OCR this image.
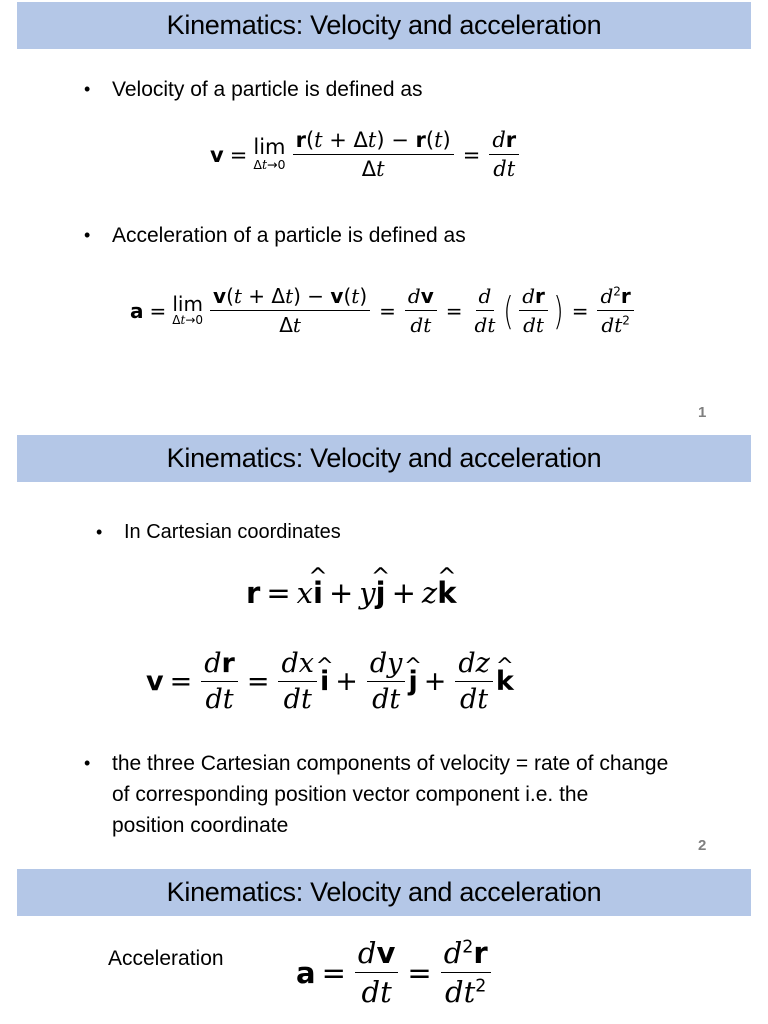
Kinematics: Velocity and acceleration
• Velocity of a particle is defined as
v = lim
$\Delta t\to 0 \frac{r(t + \Delta t) - r(t)}{\Delta t} = \frac{dr}{dt}$
• Acceleration of a particle is defined as
a = lim
$\Delta t\to 0 \frac{v(t + \Delta t) - v(t)}{\Delta t} = \frac{dv}{dt} = \frac{d}{dt}$ ( $\frac{dr}{dt}$ ) = $\frac{d^2r}{dt^2}$
1
Kinematics: Velocity and acceleration
• In Cartesian coordinates
r = x ^ i + y ^ j + z ^ k
$v = \frac{dr}{dt} = \frac{dx}{dt}$ ^ $i + \frac{dy}{dt}$ ^ $j + \frac{dz}{dt}$ ^ k
• the three Cartesian components of velocity = rate of change
of corresponding position vector component i.e. the
position coordinate
2
Kinematics: Velocity and acceleration
Acceleration $a = \frac{dv}{dt} = \frac{d^2r}{dt^2}$
